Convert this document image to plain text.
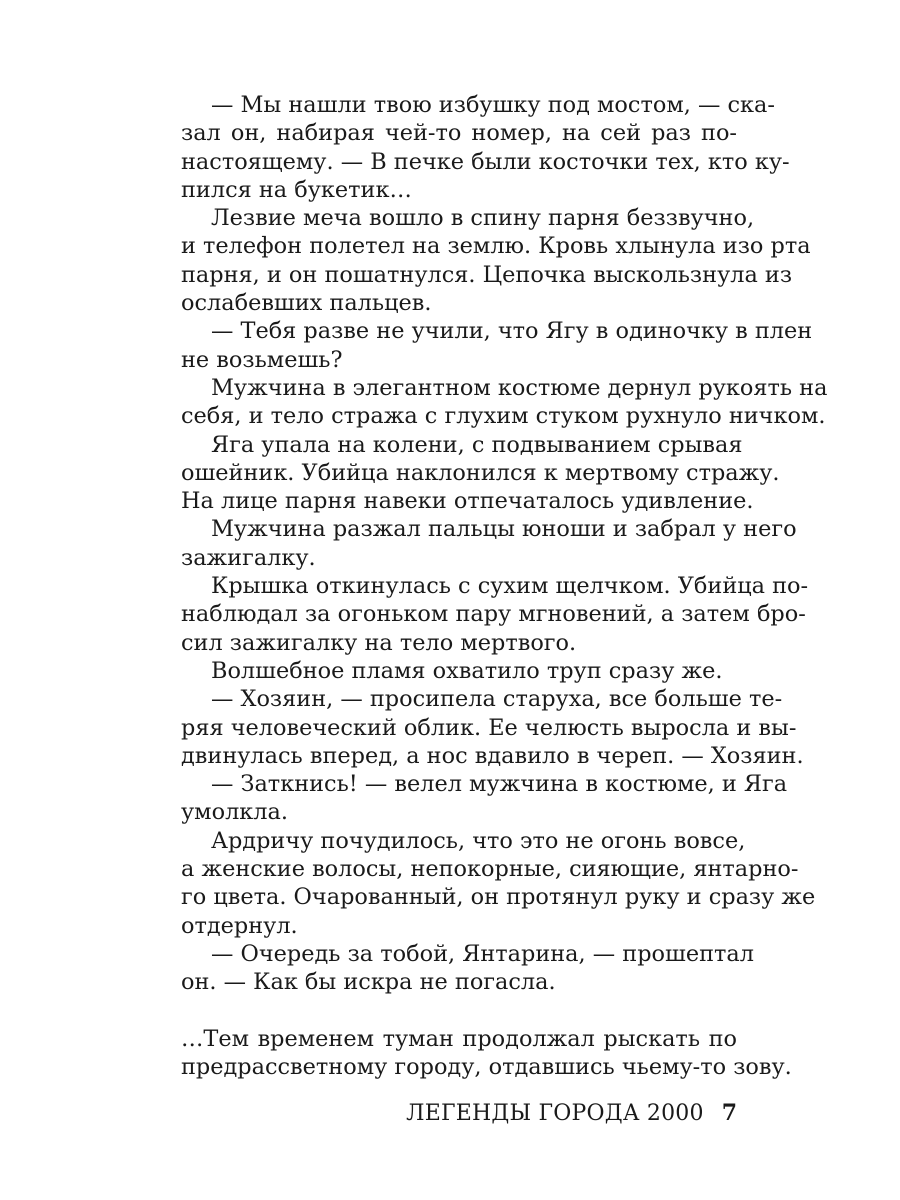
— Мы нашли твою избушку под мостом, — ска-
зал он, набирая чей-то номер, на сей раз по-
настоящему. — В печке были косточки тех, кто ку-
пился на букетик…
Лезвие меча вошло в спину парня беззвучно,
и телефон полетел на землю. Кровь хлынула изо рта
парня, и он пошатнулся. Цепочка выскользнула из
ослабевших пальцев.
— Тебя разве не учили, что Ягу в одиночку в плен
не возьмешь?
Мужчина в элегантном костюме дернул рукоять на
себя, и тело стража с глухим стуком рухнуло ничком.
Яга упала на колени, с подвыванием срывая
ошейник. Убийца наклонился к мертвому стражу.
На лице парня навеки отпечаталось удивление.
Мужчина разжал пальцы юноши и забрал у него
зажигалку.
Крышка откинулась с сухим щелчком. Убийца по-
наблюдал за огоньком пару мгновений, а затем бро-
сил зажигалку на тело мертвого.
Волшебное пламя охватило труп сразу же.
— Хозяин, — просипела старуха, все больше те-
ряя человеческий облик. Ее челюсть выросла и вы-
двинулась вперед, а нос вдавило в череп. — Хозяин.
— Заткнись! — велел мужчина в костюме, и Яга
умолкла.
Ардричу почудилось, что это не огонь вовсе,
а женские волосы, непокорные, сияющие, янтарно-
го цвета. Очарованный, он протянул руку и сразу же
отдернул.
— Очередь за тобой, Янтарина, — прошептал
он. — Как бы искра не погасла.
…Тем временем туман продолжал рыскать по
предрассветному городу, отдавшись чьему-то зову.
ЛЕГЕНДЫ ГОРОДА 2000 7
